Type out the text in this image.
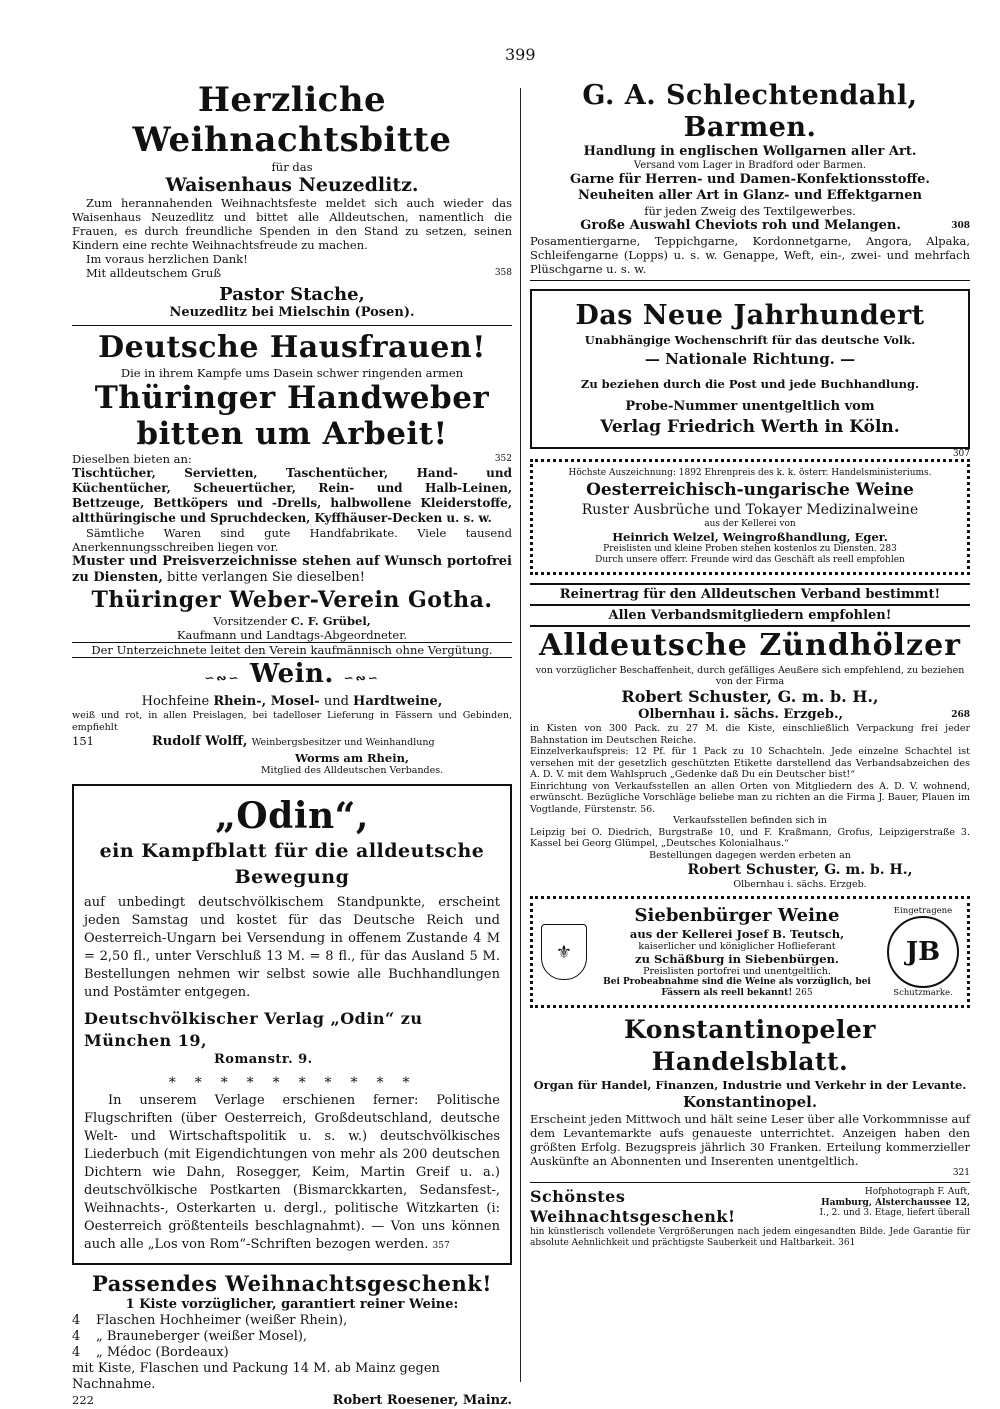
399

Herzliche Weihnachtsbitte

für das

Waisenhaus Neuzedlitz.

Zum herannahenden Weihnachtsfeste meldet sich auch wieder das Waisenhaus Neuzedlitz und bittet alle Alldeutschen, namentlich die Frauen, es durch freundliche Spenden in den Stand zu setzen, seinen Kindern eine rechte Weihnachtsfreude zu machen.

Im voraus herzlichen Dank!

Mit alldeutschem Gruß	358

Pastor Stache,

Neuzedlitz bei Mielschin (Posen).

Deutsche Hausfrauen!

Die in ihrem Kampfe ums Dasein schwer ringenden armen

Thüringer Handweber

bitten um Arbeit!

Dieselben bieten an:	352

Tischtücher, Servietten, Taschentücher, Hand- und Küchentücher, Scheuertücher, Rein- und Halb-Leinen, Bettzeuge, Bettköpers und -Drells, halbwollene Kleiderstoffe, altthüringische und Spruchdecken, Kyffhäuser-Decken u. s. w.

Sämtliche Waren sind gute Handfabrikate. Viele tausend Anerkennungsschreiben liegen vor.

Muster und Preisverzeichnisse stehen auf Wunsch portofrei zu Diensten, bitte verlangen Sie dieselben!

Thüringer Weber-Verein Gotha.

Vorsitzender C. F. Grübel,

Kaufmann und Landtags-Abgeordneter.

Der Unterzeichnete leitet den Verein kaufmännisch ohne Vergütung.

∽∾∽ Wein. ∽∾∽

Hochfeine Rhein-, Mosel- und Hardtweine,

weiß und rot, in allen Preislagen, bei tadelloser Lieferung in Fässern und Gebinden, empfiehlt

151	Rudolf Wolff, Weinbergsbesitzer und Weinhandlung

Worms am Rhein,

Mitglied des Alldeutschen Verbandes.

„Odin“,

ein Kampfblatt für die alldeutsche Bewegung

auf unbedingt deutschvölkischem Standpunkte, erscheint jeden Samstag und kostet für das Deutsche Reich und Oesterreich-Ungarn bei Versendung in offenem Zustande 4 M = 2,50 fl., unter Verschluß 13 M. = 8 fl., für das Ausland 5 M. Bestellungen nehmen wir selbst sowie alle Buchhandlungen und Postämter entgegen.

Deutschvölkischer Verlag „Odin“ zu München 19,

Romanstr. 9.

∗ ∗ ∗ ∗ ∗ ∗ ∗ ∗ ∗ ∗

In unserem Verlage erschienen ferner: Politische Flugschriften (über Oesterreich, Großdeutschland, deutsche Welt- und Wirtschaftspolitik u. s. w.) deutschvölkisches Liederbuch (mit Eigendichtungen von mehr als 200 deutschen Dichtern wie Dahn, Rosegger, Keim, Martin Greif u. a.) deutschvölkische Postkarten (Bismarckkarten, Sedansfest-, Weihnachts-, Osterkarten u. dergl., politische Witzkarten (i: Oesterreich größtenteils beschlagnahmt). — Von uns können auch alle „Los von Rom“-Schriften bezogen werden. 357

Passendes Weihnachtsgeschenk!

1 Kiste vorzüglicher, garantiert reiner Weine:

4 Flaschen Hochheimer (weißer Rhein),

4 „ Brauneberger (weißer Mosel),

4 „ Médoc (Bordeaux)

mit Kiste, Flaschen und Packung 14 M. ab Mainz gegen Nachnahme.

222	Robert Roesener, Mainz.

G. A. Schlechtendahl, Barmen.

Handlung in englischen Wollgarnen aller Art.

Versand vom Lager in Bradford oder Barmen.

Garne für Herren- und Damen-Konfektionsstoffe.

Neuheiten aller Art in Glanz- und Effektgarnen

für jeden Zweig des Textilgewerbes.

Große Auswahl Cheviots roh und Melangen.	308

Posamentiergarne, Teppichgarne, Kordonnetgarne, Angora, Alpaka, Schleifengarne (Lopps) u. s. w. Genappe, Weft, ein-, zwei- und mehrfach Plüschgarne u. s. w.

Das Neue Jahrhundert

Unabhängige Wochenschrift für das deutsche Volk.

— Nationale Richtung. —

Zu beziehen durch die Post und jede Buchhandlung.

Probe-Nummer unentgeltlich vom

Verlag Friedrich Werth in Köln.

307

Höchste Auszeichnung: 1892 Ehrenpreis des k. k. österr. Handelsministeriums.

Oesterreichisch-ungarische Weine

Ruster Ausbrüche und Tokayer Medizinalweine

aus der Kellerei von

Heinrich Welzel, Weingroßhandlung, Eger.

Preislisten und kleine Proben stehen kostenlos zu Diensten. 283

Durch unsere offerr. Freunde wird das Geschäft als reell empfohlen

Reinertrag für den Alldeutschen Verband bestimmt!

Allen Verbandsmitgliedern empfohlen!

Alldeutsche Zündhölzer

von vorzüglicher Beschaffenheit, durch gefälliges Aeußere sich empfehlend, zu beziehen von der Firma

Robert Schuster, G. m. b. H.,

Olbernhau i. sächs. Erzgeb.,	268

in Kisten von 300 Pack. zu 27 M. die Kiste, einschließlich Verpackung frei jeder Bahnstation im Deutschen Reiche.

Einzelverkaufspreis: 12 Pf. für 1 Pack zu 10 Schachteln. Jede einzelne Schachtel ist versehen mit der gesetzlich geschützten Etikette darstellend das Verbandsabzeichen des A. D. V. mit dem Wahlspruch „Gedenke daß Du ein Deutscher bist!“

Einrichtung von Verkaufsstellen an allen Orten von Mitgliedern des A. D. V. wohnend, erwünscht. Bezügliche Vorschläge beliebe man zu richten an die Firma J. Bauer, Plauen im Vogtlande, Fürstenstr. 56.

Verkaufsstellen befinden sich in

Leipzig bei O. Diedrich, Burgstraße 10, und F. Kraßmann, Grofus, Leipzigerstraße 3. Kassel bei Georg Glümpel, „Deutsches Kolonialhaus.“

Bestellungen dagegen werden erbeten an

Robert Schuster, G. m. b. H.,

Olbernhau i. sächs. Erzgeb.

⚜

Siebenbürger Weine

aus der Kellerei Josef B. Teutsch,

kaiserlicher und königlicher Hoflieferant

zu Schäßburg in Siebenbürgen.

Preislisten portofrei und unentgeltlich.

Bei Probeabnahme sind die Weine als vorzüglich, bei Fässern als reell bekannt! 265

Eingetragene
JB
Schutzmarke.

Konstantinopeler Handelsblatt.

Organ für Handel, Finanzen, Industrie und Verkehr in der Levante.

Konstantinopel.

Erscheint jeden Mittwoch und hält seine Leser über alle Vorkommnisse auf dem Levantemarkte aufs genaueste unterrichtet. Anzeigen haben den größten Erfolg. Bezugspreis jährlich 30 Franken. Erteilung kommerzieller Auskünfte an Abonnenten und Inserenten unentgeltlich.

321

Schönstes Weihnachtsgeschenk!

Hofphotograph F. Auft,

Hamburg, Alsterchaussee 12,

I., 2. und 3. Etage, liefert überall

hin künstlerisch vollendete Vergrößerungen nach jedem eingesandten Bilde. Jede Garantie für absolute Aehnlichkeit und prächtigste Sauberkeit und Haltbarkeit. 361
